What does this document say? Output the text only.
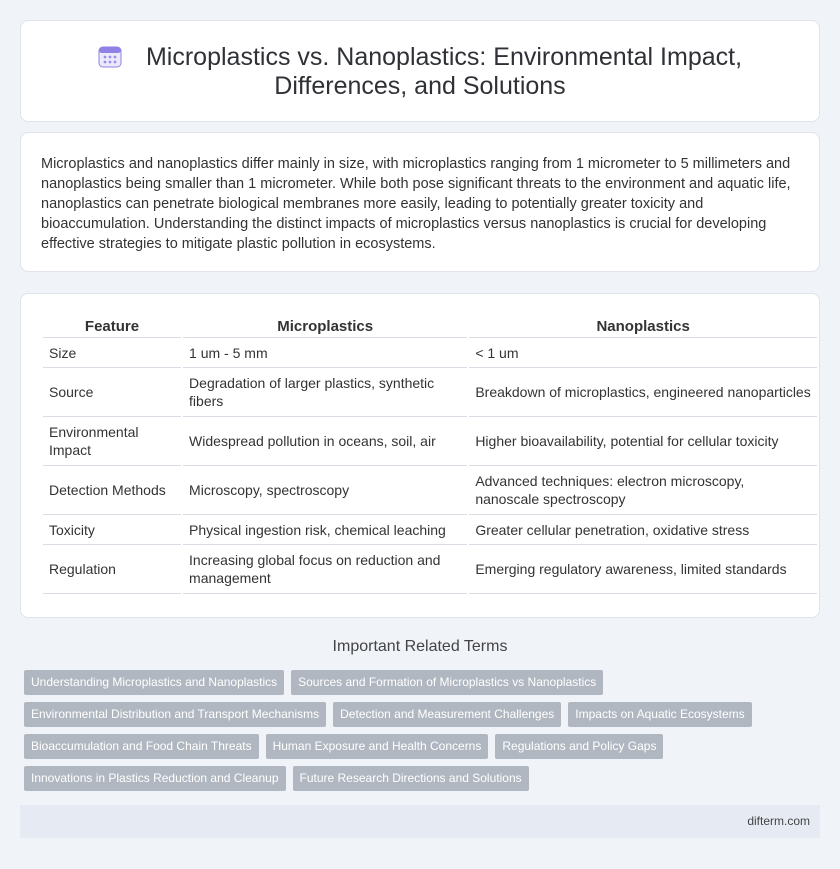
Microplastics vs. Nanoplastics: Environmental Impact,
Differences, and Solutions

Microplastics and nanoplastics differ mainly in size, with microplastics ranging from 1 micrometer to 5 millimeters and nanoplastics being smaller than 1 micrometer. While both pose significant threats to the environment and aquatic life, nanoplastics can penetrate biological membranes more easily, leading to potentially greater toxicity and bioaccumulation. Understanding the distinct impacts of microplastics versus nanoplastics is crucial for developing effective strategies to mitigate plastic pollution in ecosystems.

Feature	Microplastics	Nanoplastics
Size	1 um - 5 mm	< 1 um
Source	Degradation of larger plastics, synthetic fibers	Breakdown of microplastics, engineered nanoparticles
Environmental Impact	Widespread pollution in oceans, soil, air	Higher bioavailability, potential for cellular toxicity
Detection Methods	Microscopy, spectroscopy	Advanced techniques: electron microscopy, nanoscale spectroscopy
Toxicity	Physical ingestion risk, chemical leaching	Greater cellular penetration, oxidative stress
Regulation	Increasing global focus on reduction and management	Emerging regulatory awareness, limited standards
Important Related Terms
Understanding Microplastics and Nanoplastics	Sources and Formation of Microplastics vs Nanoplastics
Environmental Distribution and Transport Mechanisms	Detection and Measurement Challenges	Impacts on Aquatic Ecosystems
Bioaccumulation and Food Chain Threats	Human Exposure and Health Concerns	Regulations and Policy Gaps
Innovations in Plastics Reduction and Cleanup	Future Research Directions and Solutions
difterm.com
